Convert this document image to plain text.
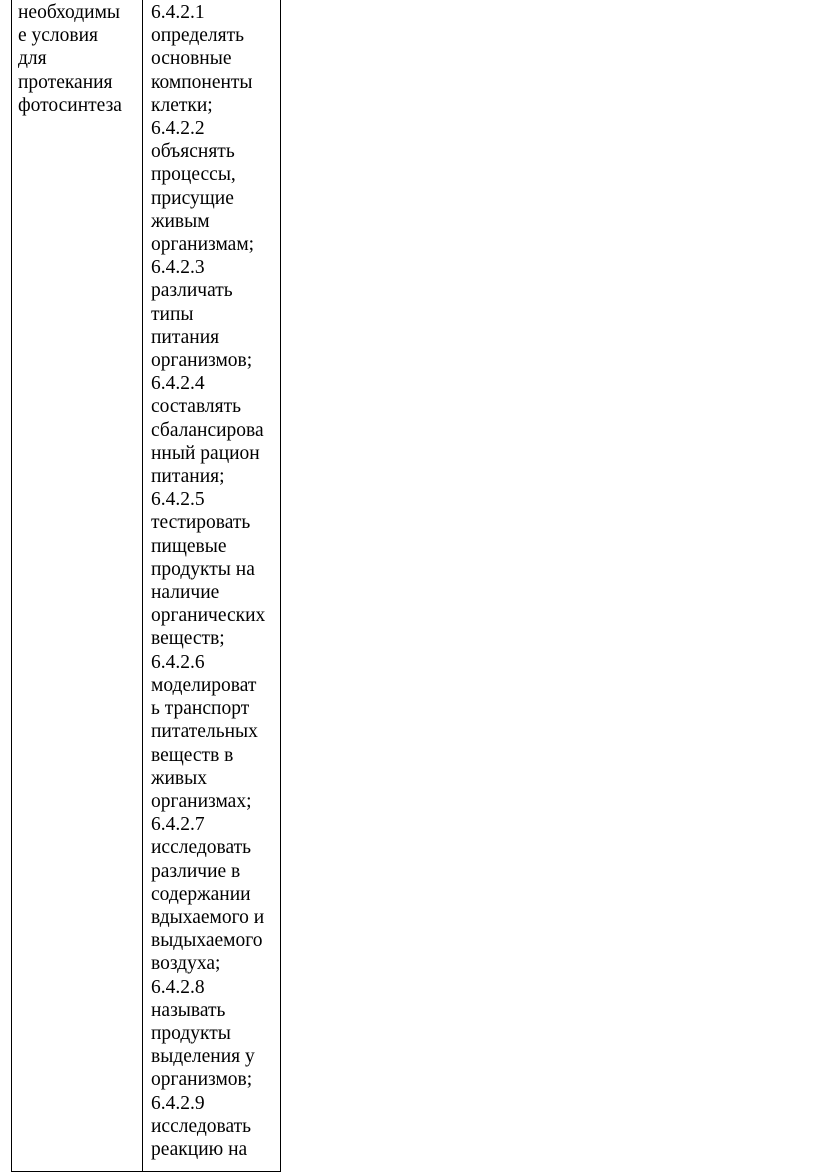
необходимы
е условия
для
протекания
фотосинтеза
6.4.2.1
определять
основные
компоненты
клетки;
6.4.2.2
объяснять
процессы,
присущие
живым
организмам;
6.4.2.3
различать
типы
питания
организмов;
6.4.2.4
составлять
сбалансирова
нный рацион
питания;
6.4.2.5
тестировать
пищевые
продукты на
наличие
органических
веществ;
6.4.2.6
моделироват
ь транспорт
питательных
веществ в
живых
организмах;
6.4.2.7
исследовать
различие в
содержании
вдыхаемого и
выдыхаемого
воздуха;
6.4.2.8
называть
продукты
выделения у
организмов;
6.4.2.9
исследовать
реакцию на
